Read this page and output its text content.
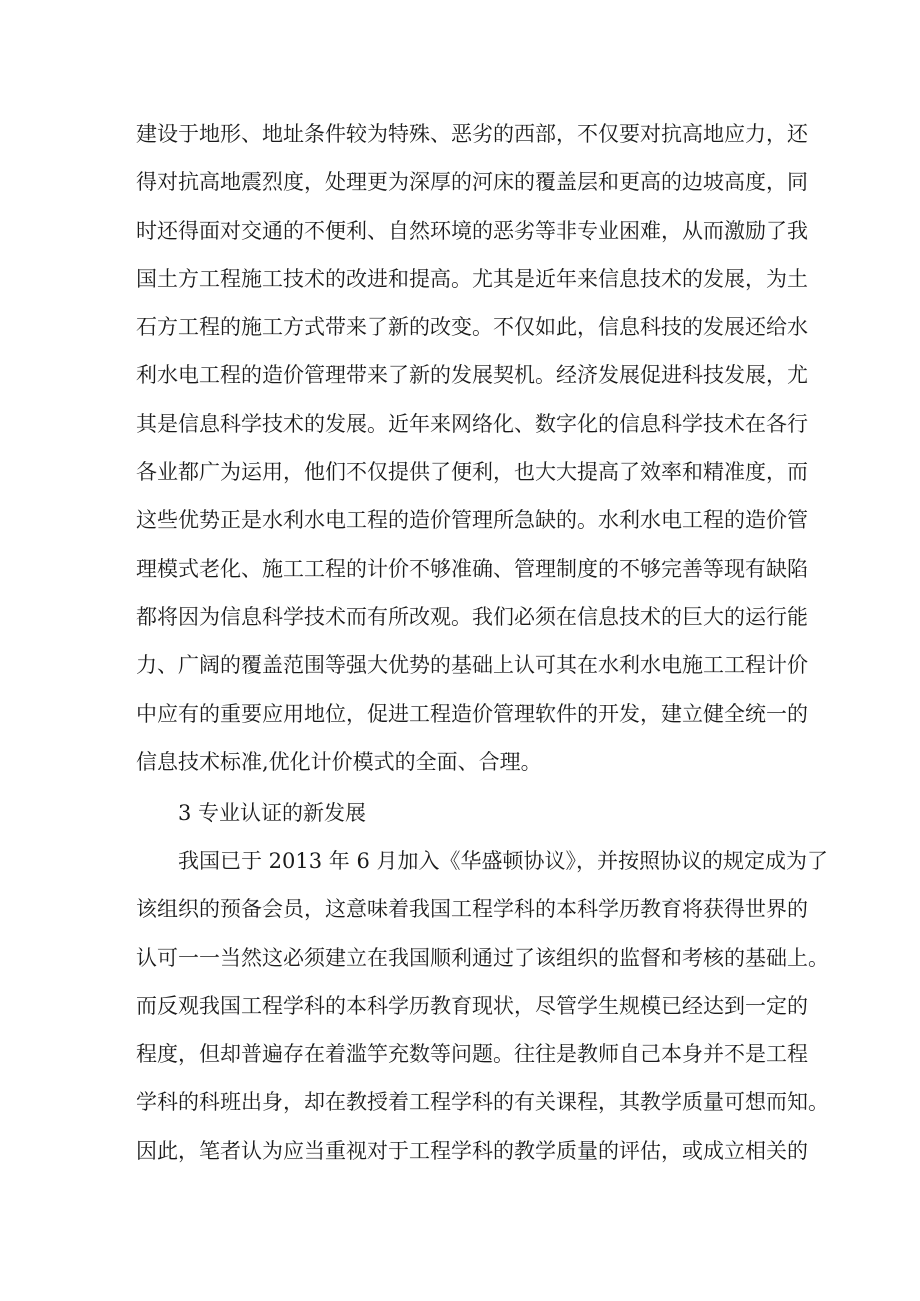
建设于地形、地址条件较为特殊、恶劣的西部，不仅要对抗高地应力，还
得对抗高地震烈度，处理更为深厚的河床的覆盖层和更高的边坡高度，同
时还得面对交通的不便利、自然环境的恶劣等非专业困难，从而激励了我
国土方工程施工技术的改进和提高。尤其是近年来信息技术的发展，为土
石方工程的施工方式带来了新的改变。不仅如此，信息科技的发展还给水
利水电工程的造价管理带来了新的发展契机。经济发展促进科技发展，尤
其是信息科学技术的发展。近年来网络化、数字化的信息科学技术在各行
各业都广为运用，他们不仅提供了便利，也大大提高了效率和精准度，而
这些优势正是水利水电工程的造价管理所急缺的。水利水电工程的造价管
理模式老化、施工工程的计价不够准确、管理制度的不够完善等现有缺陷
都将因为信息科学技术而有所改观。我们必须在信息技术的巨大的运行能
力、广阔的覆盖范围等强大优势的基础上认可其在水利水电施工工程计价
中应有的重要应用地位，促进工程造价管理软件的开发，建立健全统一的
信息技术标准,优化计价模式的全面、合理。
3 专业认证的新发展
我国已于 2013 年 6 月加入《华盛顿协议》，并按照协议的规定成为了
该组织的预备会员，这意味着我国工程学科的本科学历教育将获得世界的
认可一一当然这必须建立在我国顺利通过了该组织的监督和考核的基础上。
而反观我国工程学科的本科学历教育现状，尽管学生规模已经达到一定的
程度，但却普遍存在着滥竽充数等问题。往往是教师自己本身并不是工程
学科的科班出身，却在教授着工程学科的有关课程，其教学质量可想而知。
因此，笔者认为应当重视对于工程学科的教学质量的评估，或成立相关的
